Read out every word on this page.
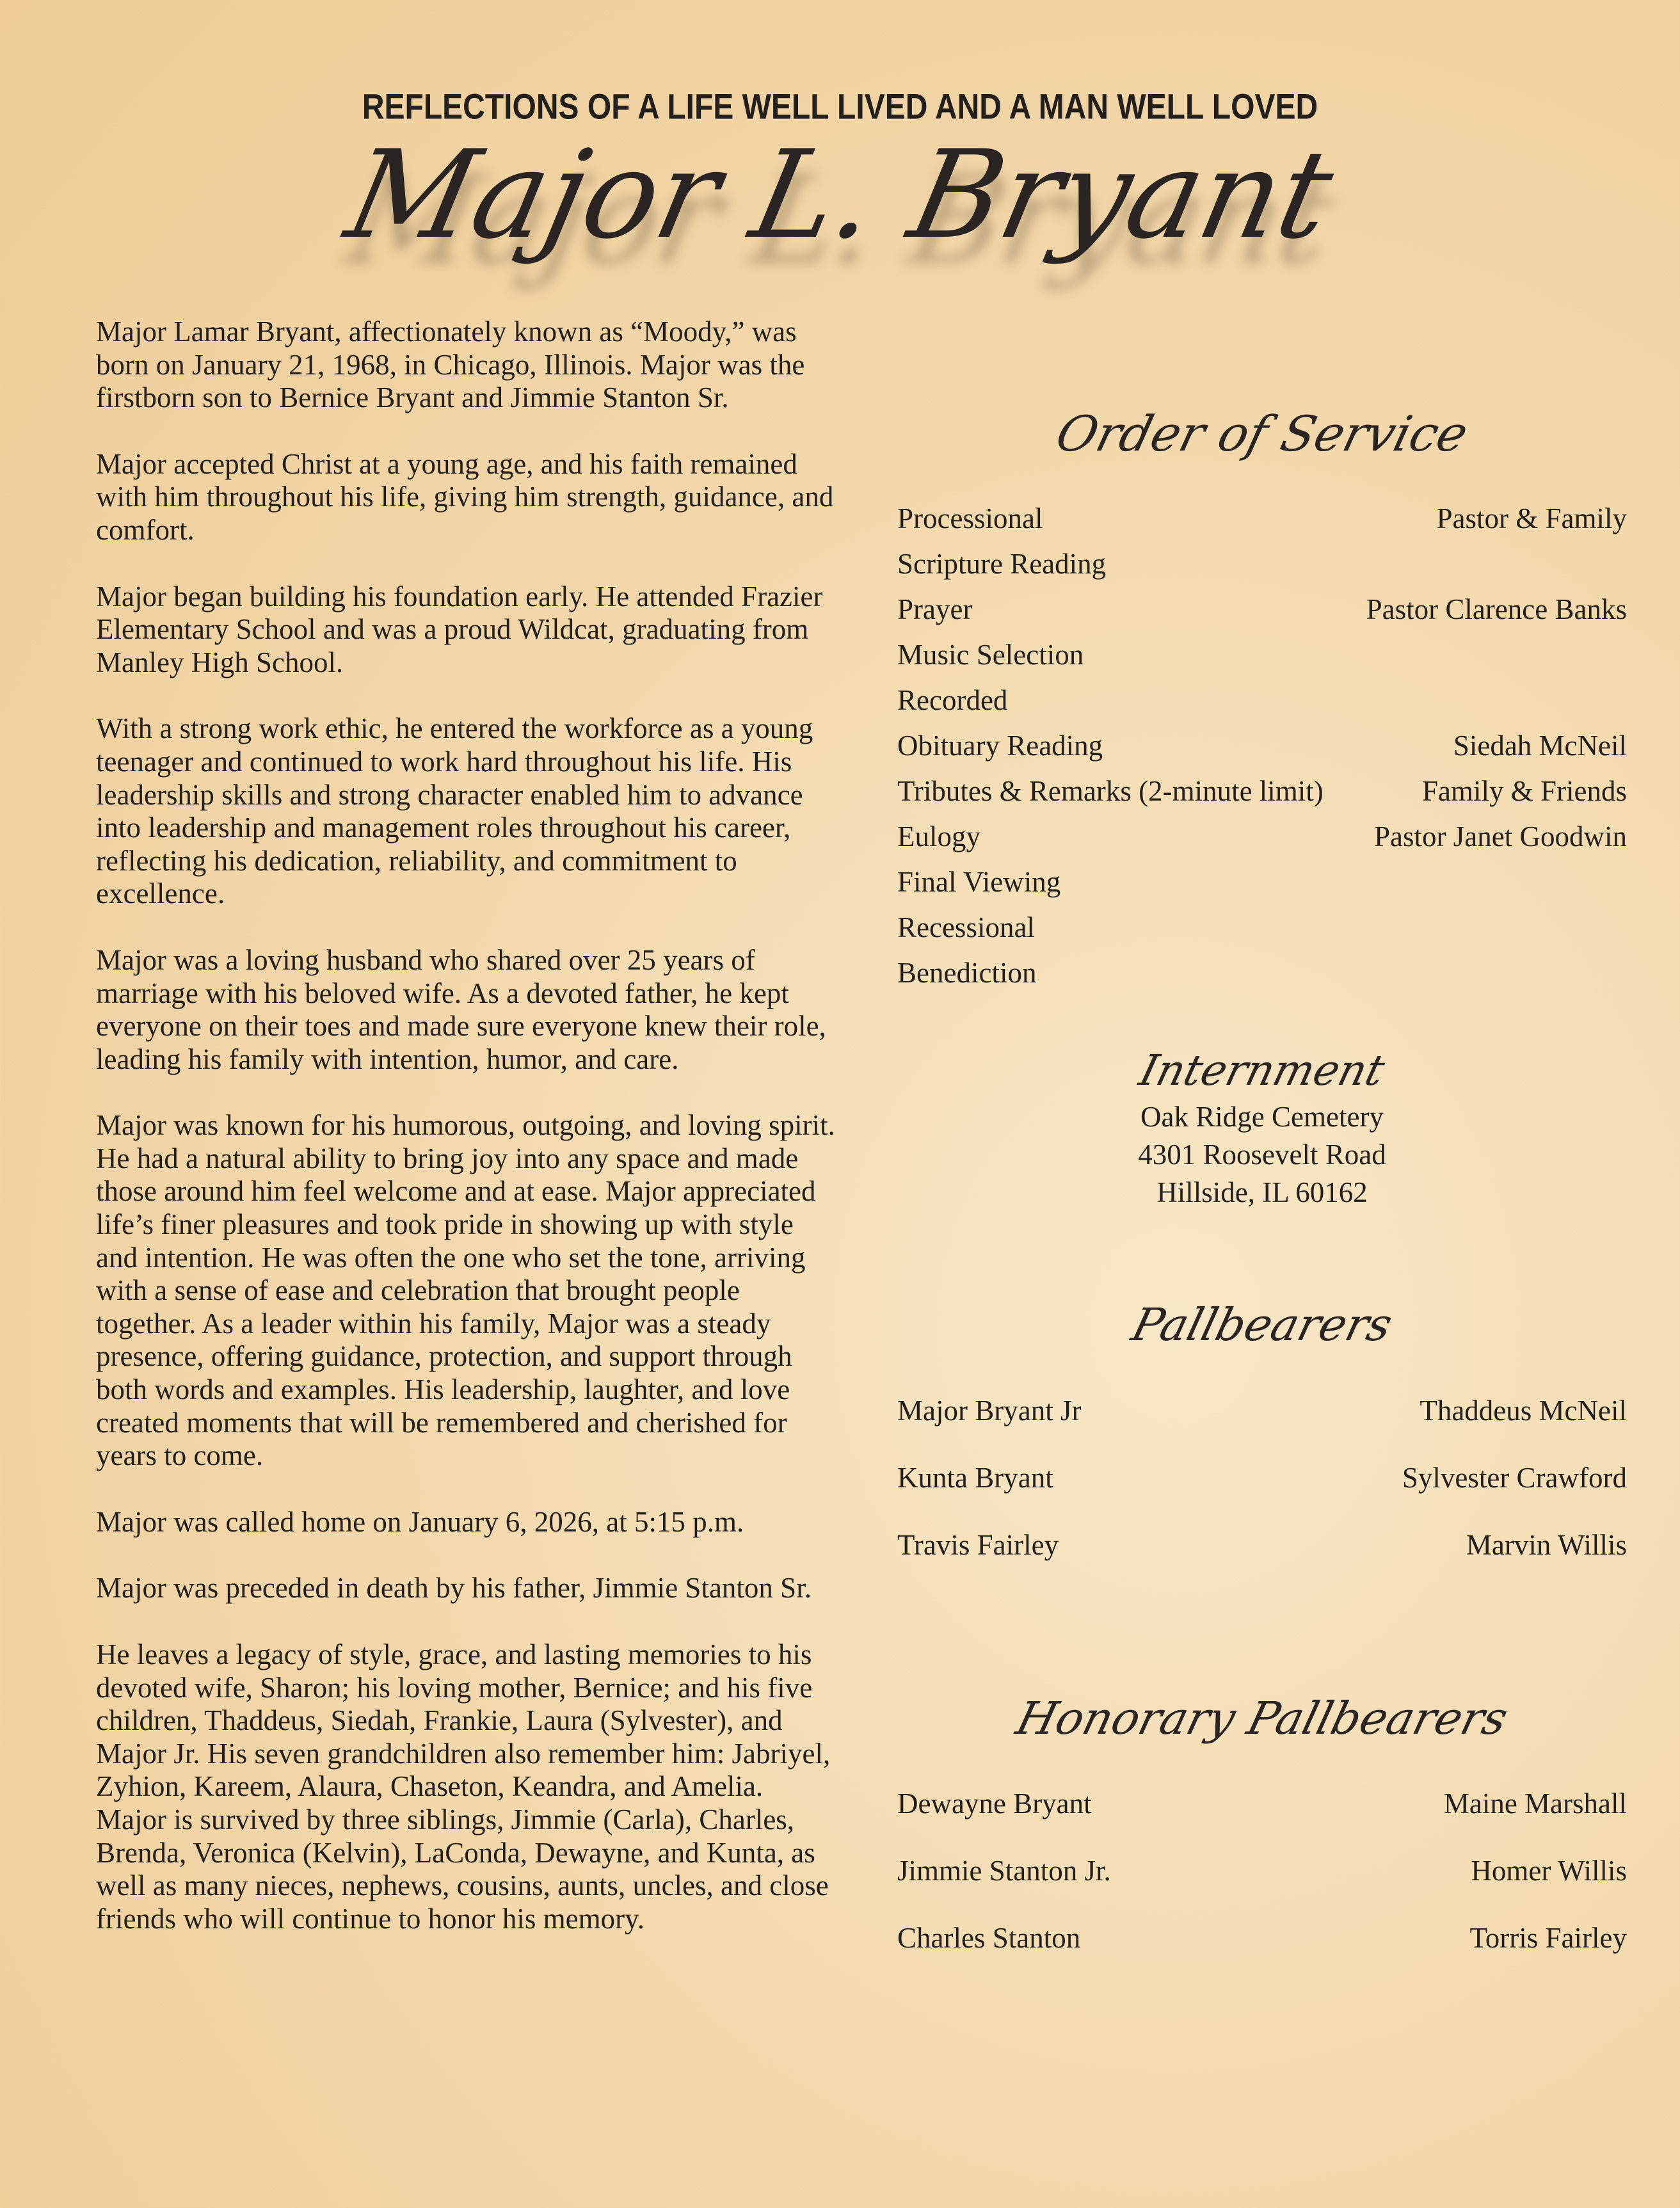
REFLECTIONS OF A LIFE WELL LIVED AND A MAN WELL LOVED
Major L. Bryant

Major Lamar Bryant, affectionately known as “Moody,” was born on January 21, 1968, in Chicago, Illinois. Major was the firstborn son to Bernice Bryant and Jimmie Stanton Sr.

Major accepted Christ at a young age, and his faith remained with him throughout his life, giving him strength, guidance, and comfort.

Major began building his foundation early. He attended Frazier Elementary School and was a proud Wildcat, graduating from Manley High School.

With a strong work ethic, he entered the workforce as a young teenager and continued to work hard throughout his life. His leadership skills and strong character enabled him to advance into leadership and management roles throughout his career, reflecting his dedication, reliability, and commitment to excellence.

Major was a loving husband who shared over 25 years of marriage with his beloved wife. As a devoted father, he kept everyone on their toes and made sure everyone knew their role, leading his family with intention, humor, and care.

Major was known for his humorous, outgoing, and loving spirit. He had a natural ability to bring joy into any space and made those around him feel welcome and at ease. Major appreciated life’s finer pleasures and took pride in showing up with style and intention. He was often the one who set the tone, arriving with a sense of ease and celebration that brought people together. As a leader within his family, Major was a steady presence, offering guidance, protection, and support through both words and examples. His leadership, laughter, and love created moments that will be remembered and cherished for years to come.

Major was called home on January 6, 2026, at 5:15 p.m.

Major was preceded in death by his father, Jimmie Stanton Sr.

He leaves a legacy of style, grace, and lasting memories to his devoted wife, Sharon; his loving mother, Bernice; and his five children, Thaddeus, Siedah, Frankie, Laura (Sylvester), and Major Jr. His seven grandchildren also remember him: Jabriyel, Zyhion, Kareem, Alaura, Chaseton, Keandra, and Amelia. Major is survived by three siblings, Jimmie (Carla), Charles, Brenda, Veronica (Kelvin), LaConda, Dewayne, and Kunta, as well as many nieces, nephews, cousins, aunts, uncles, and close friends who will continue to honor his memory.

Order of Service
Processional	Pastor & Family
Scripture Reading
Prayer	Pastor Clarence Banks
Music Selection
Recorded
Obituary Reading	Siedah McNeil
Tributes & Remarks (2-minute limit)	Family & Friends
Eulogy	Pastor Janet Goodwin
Final Viewing
Recessional
Benediction
Internment
Oak Ridge Cemetery
4301 Roosevelt Road
Hillside, IL 60162
Pallbearers
Major Bryant Jr	Thaddeus McNeil
Kunta Bryant	Sylvester Crawford
Travis Fairley	Marvin Willis
Honorary Pallbearers
Dewayne Bryant	Maine Marshall
Jimmie Stanton Jr.	Homer Willis
Charles Stanton	Torris Fairley
